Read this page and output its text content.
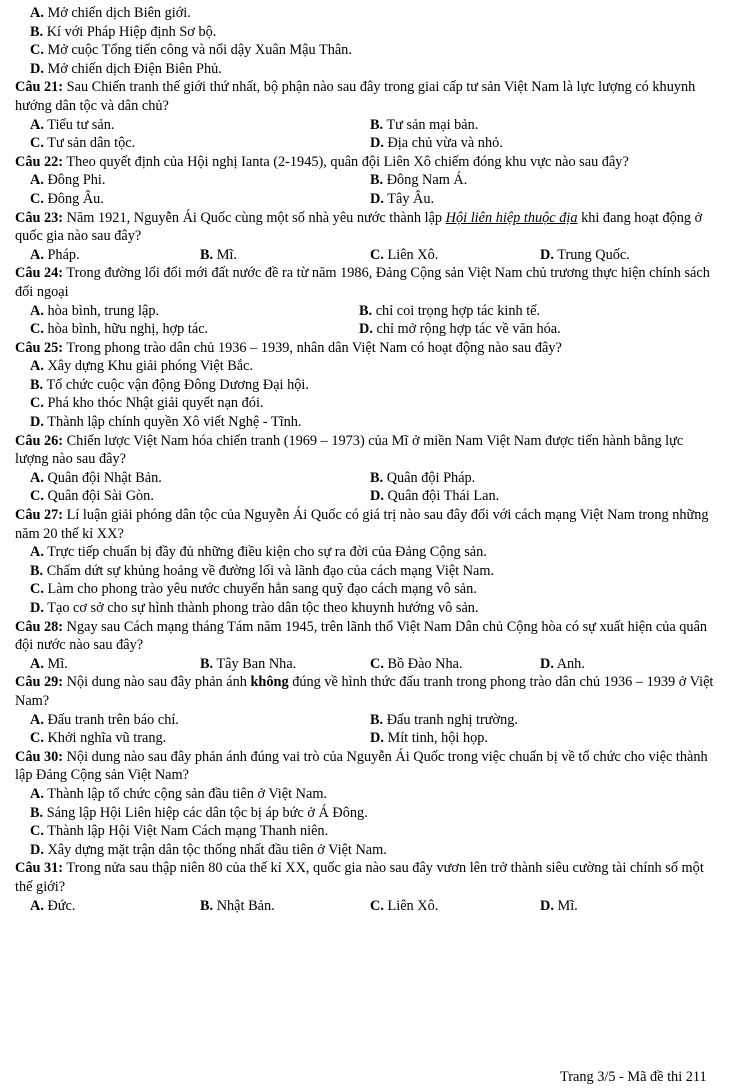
A. Mở chiến dịch Biên giới.
B. Kí với Pháp Hiệp định Sơ bộ.
C. Mở cuộc Tổng tiến công và nổi dậy Xuân Mậu Thân.
D. Mở chiến dịch Điện Biên Phủ.
Câu 21: Sau Chiến tranh thế giới thứ nhất, bộ phận nào sau đây trong giai cấp tư sản Việt Nam là lực lượng có khuynh hướng dân tộc và dân chủ?
A. Tiểu tư sản.	B. Tư sản mại bản.
C. Tư sản dân tộc.	D. Địa chủ vừa và nhỏ.
Câu 22: Theo quyết định của Hội nghị Ianta (2-1945), quân đội Liên Xô chiếm đóng khu vực nào sau đây?
A. Đông Phi.	B. Đông Nam Á.
C. Đông Âu.	D. Tây Âu.
Câu 23: Năm 1921, Nguyễn Ái Quốc cùng một số nhà yêu nước thành lập Hội liên hiệp thuộc địa khi đang hoạt động ở quốc gia nào sau đây?
A. Pháp.	B. Mĩ.	C. Liên Xô.	D. Trung Quốc.
Câu 24: Trong đường lối đổi mới đất nước đề ra từ năm 1986, Đảng Cộng sản Việt Nam chủ trương thực hiện chính sách đối ngoại
A. hòa bình, trung lập.	B. chỉ coi trọng hợp tác kinh tế.
C. hòa bình, hữu nghị, hợp tác.	D. chỉ mở rộng hợp tác về văn hóa.
Câu 25: Trong phong trào dân chủ 1936 – 1939, nhân dân Việt Nam có hoạt động nào sau đây?
A. Xây dựng Khu giải phóng Việt Bắc.
B. Tổ chức cuộc vận động Đông Dương Đại hội.
C. Phá kho thóc Nhật giải quyết nạn đói.
D. Thành lập chính quyền Xô viết Nghệ - Tĩnh.
Câu 26: Chiến lược Việt Nam hóa chiến tranh (1969 – 1973) của Mĩ ở miền Nam Việt Nam được tiến hành bằng lực lượng nào sau đây?
A. Quân đội Nhật Bản.	B. Quân đội Pháp.
C. Quân đội Sài Gòn.	D. Quân đội Thái Lan.
Câu 27: Lí luận giải phóng dân tộc của Nguyễn Ái Quốc có giá trị nào sau đây đối với cách mạng Việt Nam trong những năm 20 thế kỉ XX?
A. Trực tiếp chuẩn bị đầy đủ những điều kiện cho sự ra đời của Đảng Cộng sản.
B. Chấm dứt sự khủng hoảng về đường lối và lãnh đạo của cách mạng Việt Nam.
C. Làm cho phong trào yêu nước chuyển hẳn sang quỹ đạo cách mạng vô sản.
D. Tạo cơ sở cho sự hình thành phong trào dân tộc theo khuynh hướng vô sản.
Câu 28: Ngay sau Cách mạng tháng Tám năm 1945, trên lãnh thổ Việt Nam Dân chủ Cộng hòa có sự xuất hiện của quân đội nước nào sau đây?
A. Mĩ.	B. Tây Ban Nha.	C. Bồ Đào Nha.	D. Anh.
Câu 29: Nội dung nào sau đây phản ánh không đúng về hình thức đấu tranh trong phong trào dân chủ 1936 – 1939 ở Việt Nam?
A. Đấu tranh trên báo chí.	B. Đấu tranh nghị trường.
C. Khởi nghĩa vũ trang.	D. Mít tinh, hội họp.
Câu 30: Nội dung nào sau đây phản ánh đúng vai trò của Nguyễn Ái Quốc trong việc chuẩn bị về tổ chức cho việc thành lập Đảng Cộng sản Việt Nam?
A. Thành lập tổ chức cộng sản đầu tiên ở Việt Nam.
B. Sáng lập Hội Liên hiệp các dân tộc bị áp bức ở Á Đông.
C. Thành lập Hội Việt Nam Cách mạng Thanh niên.
D. Xây dựng mặt trận dân tộc thống nhất đầu tiên ở Việt Nam.
Câu 31: Trong nửa sau thập niên 80 của thế kỉ XX, quốc gia nào sau đây vươn lên trở thành siêu cường tài chính số một thế giới?
A. Đức.	B. Nhật Bản.	C. Liên Xô.	D. Mĩ.
Trang 3/5 - Mã đề thi 211
